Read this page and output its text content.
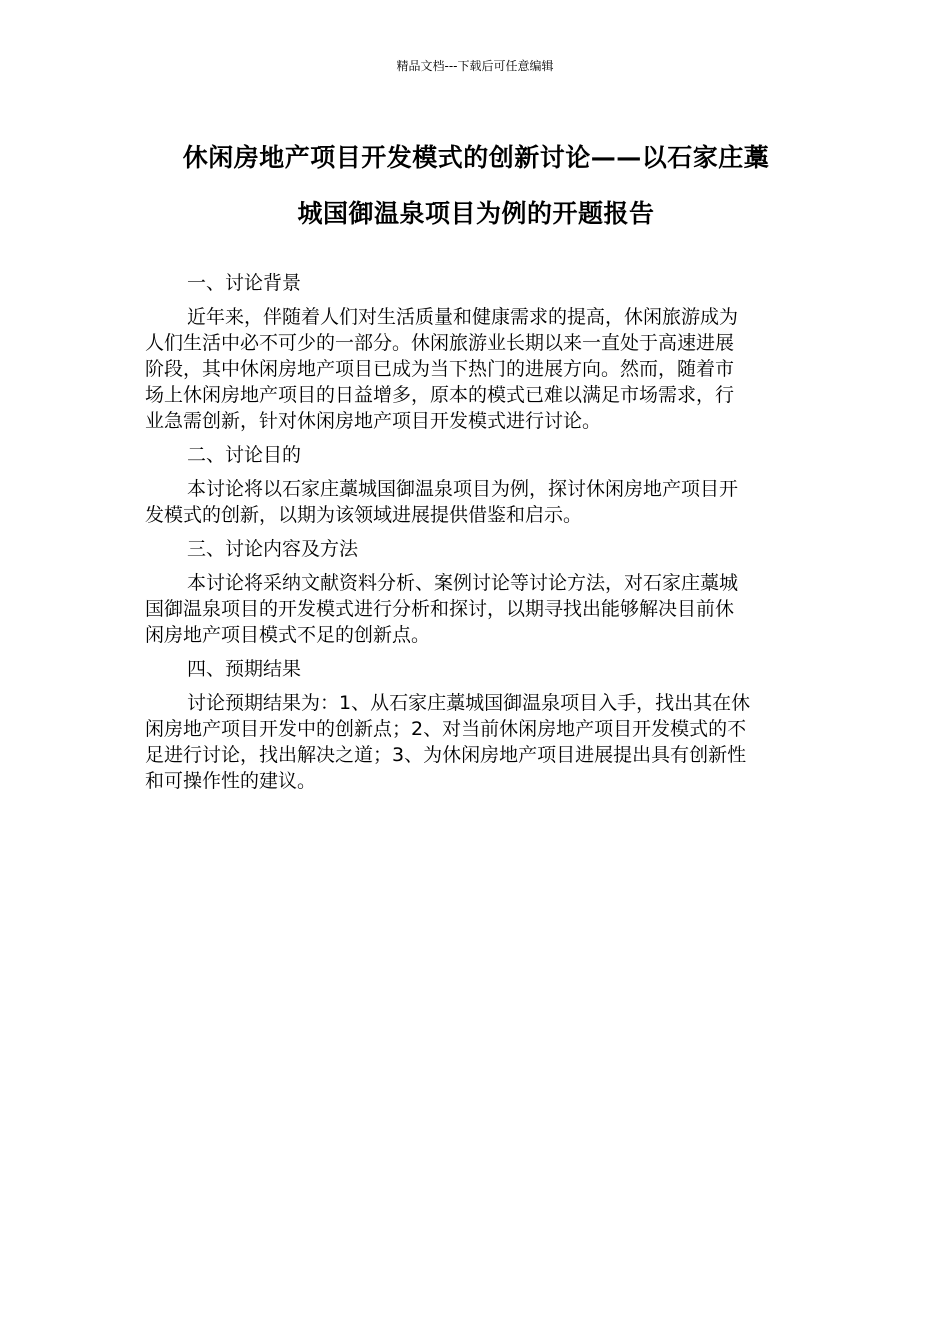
精品文档---下载后可任意编辑
休闲房地产项目开发模式的创新讨论——以石家庄藁
城国御温泉项目为例的开题报告

一、讨论背景

近年来，伴随着人们对生活质量和健康需求的提高，休闲旅游成为
人们生活中必不可少的一部分。休闲旅游业长期以来一直处于高速进展
阶段，其中休闲房地产项目已成为当下热门的进展方向。然而，随着市
场上休闲房地产项目的日益增多，原本的模式已难以满足市场需求，行
业急需创新，针对休闲房地产项目开发模式进行讨论。

二、讨论目的

本讨论将以石家庄藁城国御温泉项目为例，探讨休闲房地产项目开
发模式的创新，以期为该领域进展提供借鉴和启示。

三、讨论内容及方法

本讨论将采纳文献资料分析、案例讨论等讨论方法，对石家庄藁城
国御温泉项目的开发模式进行分析和探讨，以期寻找出能够解决目前休
闲房地产项目模式不足的创新点。

四、预期结果

讨论预期结果为：1、从石家庄藁城国御温泉项目入手，找出其在休
闲房地产项目开发中的创新点；2、对当前休闲房地产项目开发模式的不
足进行讨论，找出解决之道；3、为休闲房地产项目进展提出具有创新性
和可操作性的建议。
